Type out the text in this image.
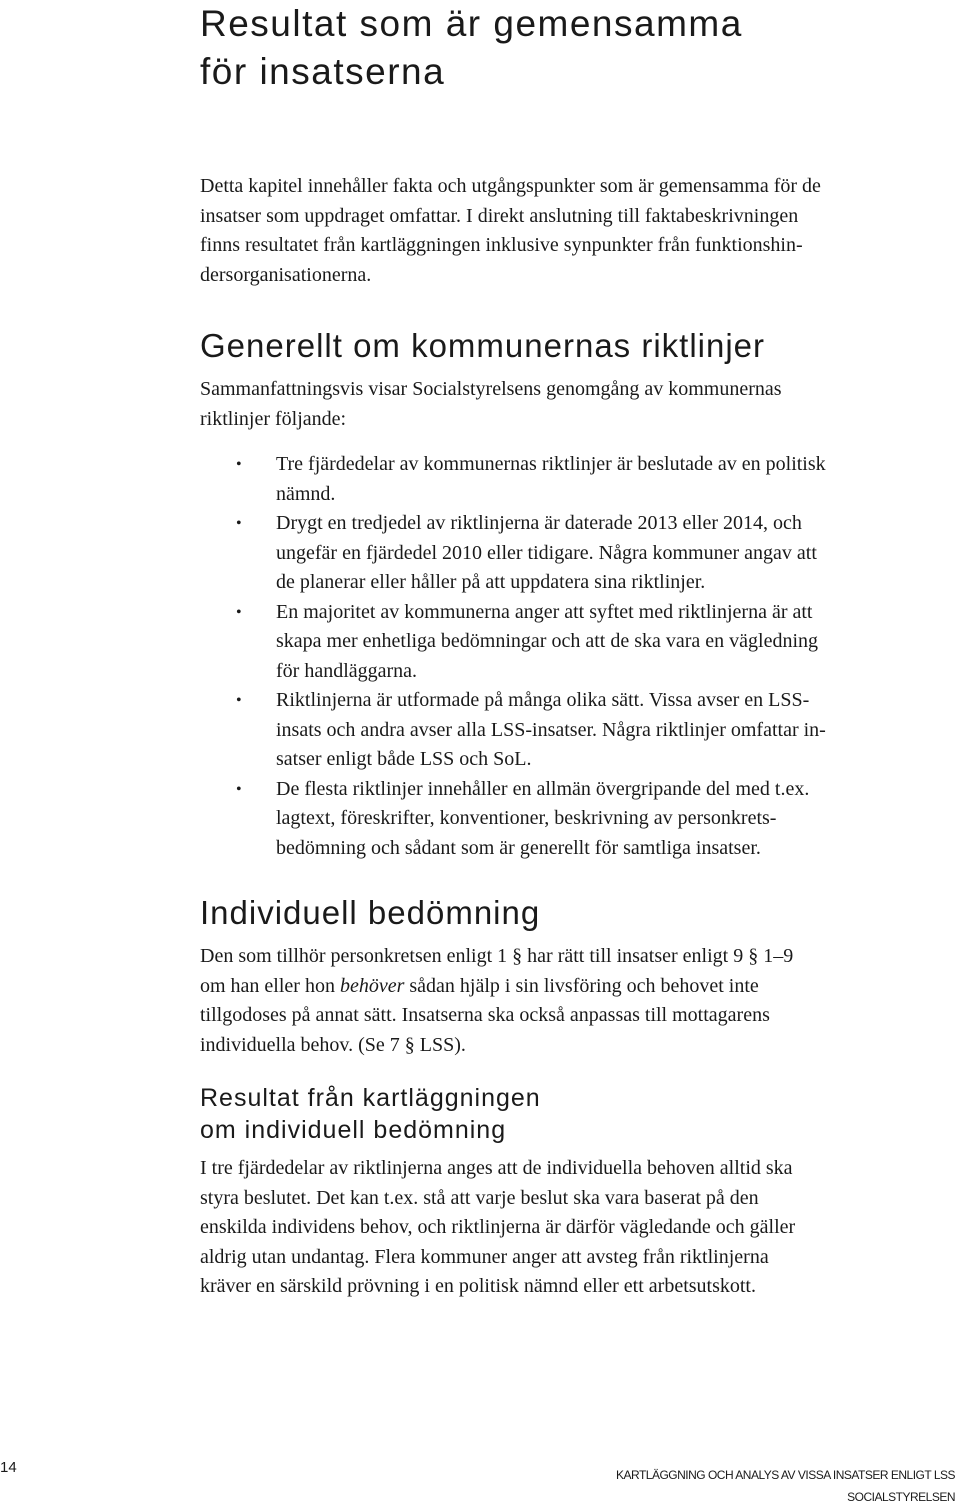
Resultat som är gemensamma
för insatserna

Detta kapitel innehåller fakta och utgångspunkter som är gemensamma för de
insatser som uppdraget omfattar. I direkt anslutning till faktabeskrivningen
finns resultatet från kartläggningen inklusive synpunkter från funktionshin-
dersorganisationerna.

Generellt om kommunernas riktlinjer

Sammanfattningsvis visar Socialstyrelsens genomgång av kommunernas
riktlinjer följande:

• Tre fjärdedelar av kommunernas riktlinjer är beslutade av en politisk
nämnd.
• Drygt en tredjedel av riktlinjerna är daterade 2013 eller 2014, och
ungefär en fjärdedel 2010 eller tidigare. Några kommuner angav att
de planerar eller håller på att uppdatera sina riktlinjer.
• En majoritet av kommunerna anger att syftet med riktlinjerna är att
skapa mer enhetliga bedömningar och att de ska vara en vägledning
för handläggarna.
• Riktlinjerna är utformade på många olika sätt. Vissa avser en LSS-
insats och andra avser alla LSS-insatser. Några riktlinjer omfattar in-
satser enligt både LSS och SoL.
• De flesta riktlinjer innehåller en allmän övergripande del med t.ex.
lagtext, föreskrifter, konventioner, beskrivning av personkrets-
bedömning och sådant som är generellt för samtliga insatser.
Individuell bedömning

Den som tillhör personkretsen enligt 1 § har rätt till insatser enligt 9 § 1–9
om han eller hon behöver sådan hjälp i sin livsföring och behovet inte
tillgodoses på annat sätt. Insatserna ska också anpassas till mottagarens
individuella behov. (Se 7 § LSS).

Resultat från kartläggningen
om individuell bedömning

I tre fjärdedelar av riktlinjerna anges att de individuella behoven alltid ska
styra beslutet. Det kan t.ex. stå att varje beslut ska vara baserat på den
enskilda individens behov, och riktlinjerna är därför vägledande och gäller
aldrig utan undantag. Flera kommuner anger att avsteg från riktlinjerna
kräver en särskild prövning i en politisk nämnd eller ett arbetsutskott.

14	KARTLÄGGNING OCH ANALYS AV VISSA INSATSER ENLIGT LSS
SOCIALSTYRELSEN
